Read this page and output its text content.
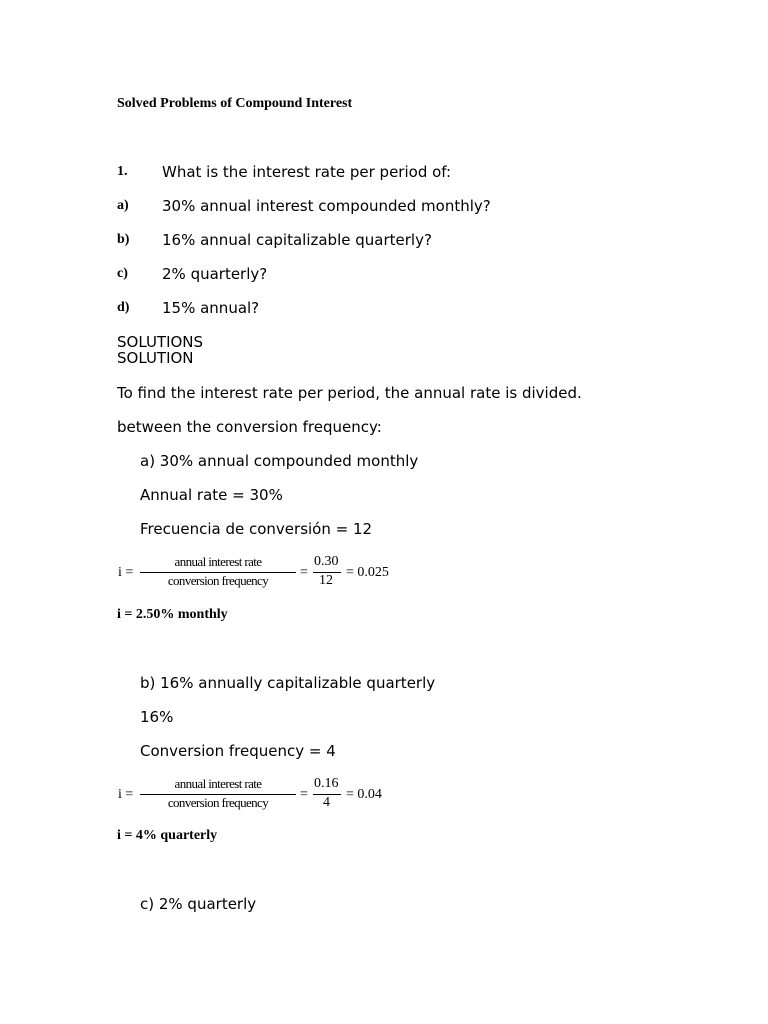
Solved Problems of Compound Interest
1. What is the interest rate per period of:
a) 30% annual interest compounded monthly?
b) 16% annual capitalizable quarterly?
c) 2% quarterly?
d) 15% annual?
SOLUTIONS
SOLUTION
To find the interest rate per period, the annual rate is divided.
between the conversion frequency:
a) 30% annual compounded monthly
Annual rate = 30%
Frecuencia de conversión = 12
i =
annual interest rate
conversion frequency
=
0.30
12
= 0.025
i = 2.50% monthly
b) 16% annually capitalizable quarterly
16%
Conversion frequency = 4
i =
annual interest rate
conversion frequency
=
0.16
4
= 0.04
i = 4% quarterly
c) 2% quarterly
